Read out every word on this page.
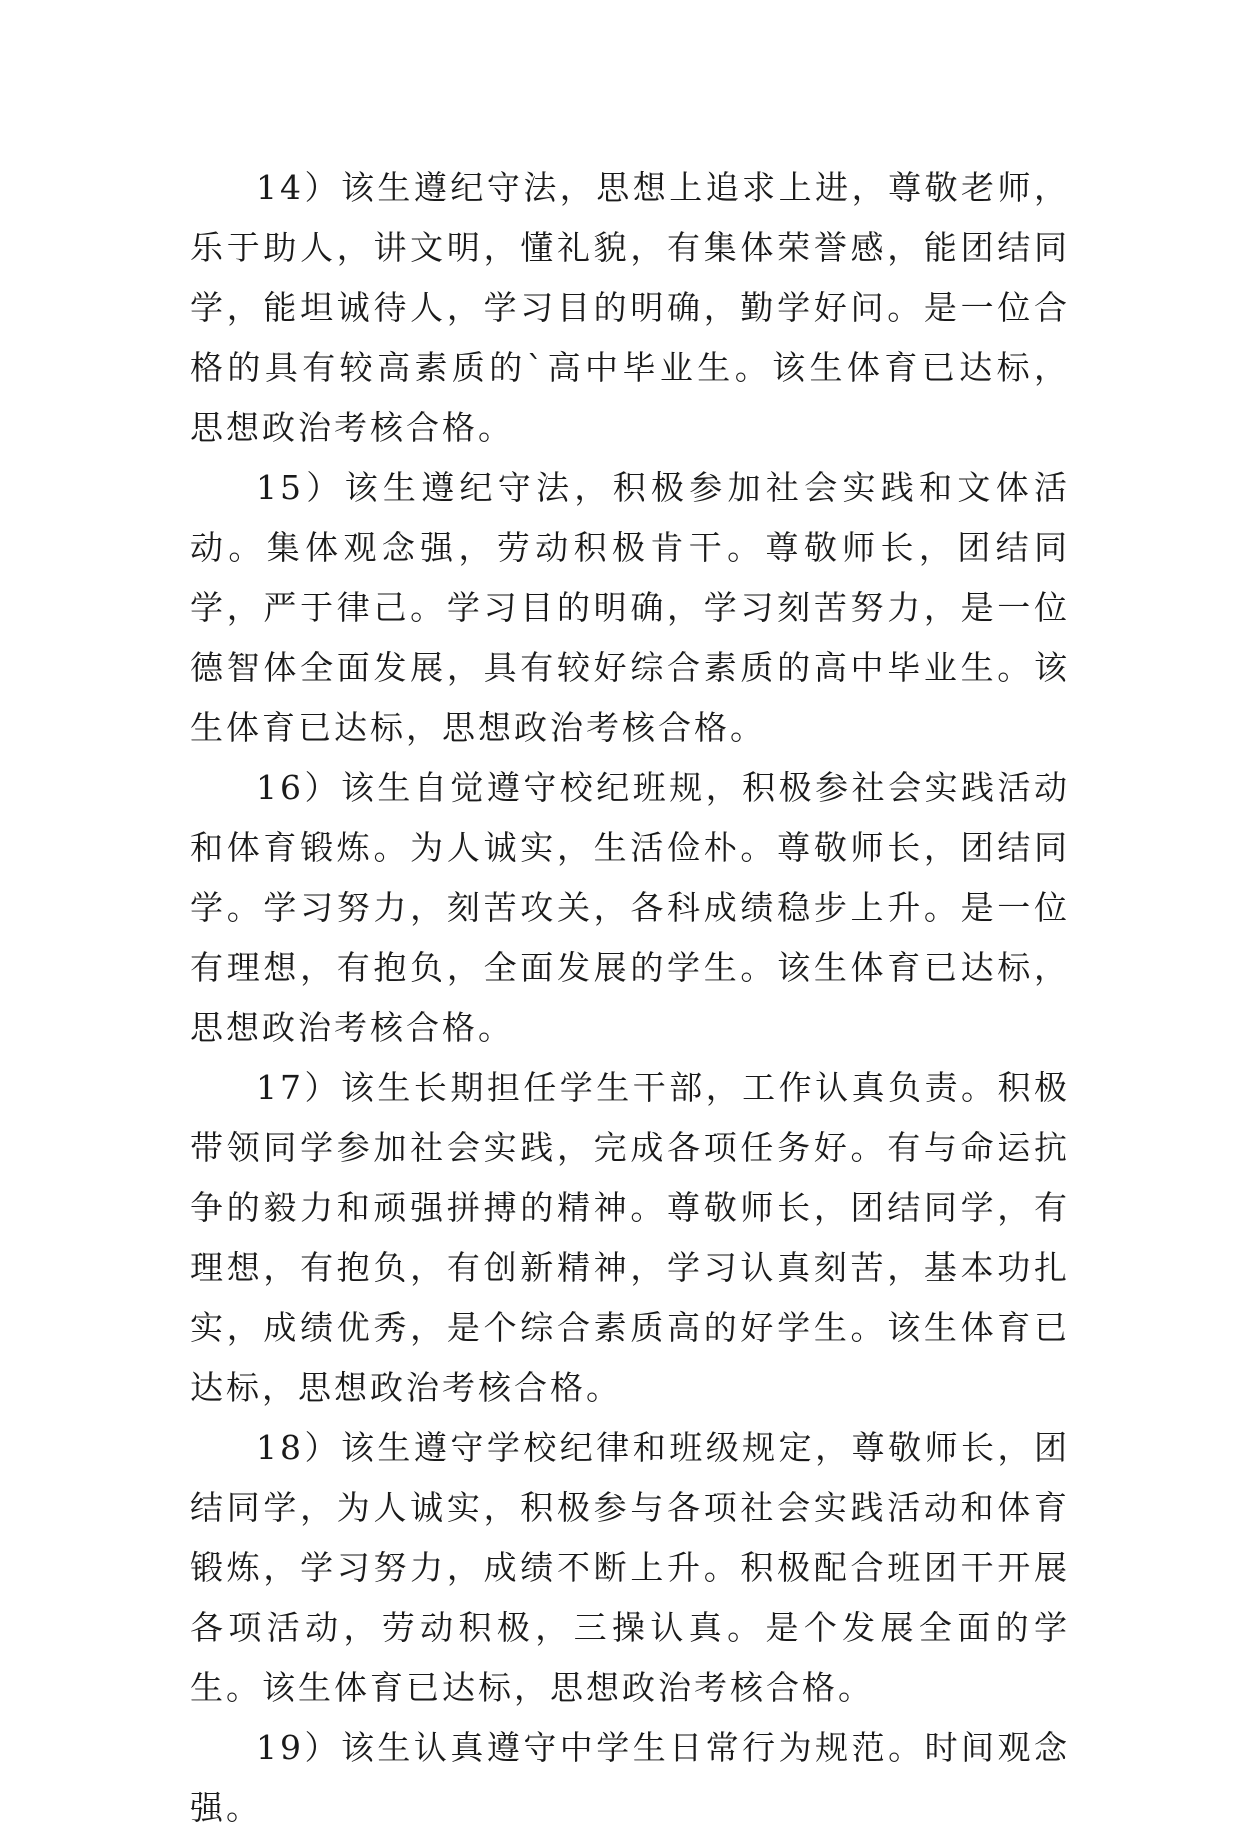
14）该生遵纪守法，思想上追求上进，尊敬老师，乐于助人，讲文明，懂礼貌，有集体荣誉感，能团结同学，能坦诚待人，学习目的明确，勤学好问。是一位合格的具有较高素质的`高中毕业生。该生体育已达标，思想政治考核合格。

15）该生遵纪守法，积极参加社会实践和文体活动。集体观念强，劳动积极肯干。尊敬师长，团结同学，严于律己。学习目的明确，学习刻苦努力，是一位德智体全面发展，具有较好综合素质的高中毕业生。该生体育已达标，思想政治考核合格。

16）该生自觉遵守校纪班规，积极参社会实践活动和体育锻炼。为人诚实，生活俭朴。尊敬师长，团结同学。学习努力，刻苦攻关，各科成绩稳步上升。是一位有理想，有抱负，全面发展的学生。该生体育已达标，思想政治考核合格。

17）该生长期担任学生干部，工作认真负责。积极带领同学参加社会实践，完成各项任务好。有与命运抗争的毅力和顽强拼搏的精神。尊敬师长，团结同学，有理想，有抱负，有创新精神，学习认真刻苦，基本功扎实，成绩优秀，是个综合素质高的好学生。该生体育已达标，思想政治考核合格。

18）该生遵守学校纪律和班级规定，尊敬师长，团结同学，为人诚实，积极参与各项社会实践活动和体育锻炼，学习努力，成绩不断上升。积极配合班团干开展各项活动，劳动积极，三操认真。是个发展全面的学生。该生体育已达标，思想政治考核合格。

19）该生认真遵守中学生日常行为规范。时间观念强。
